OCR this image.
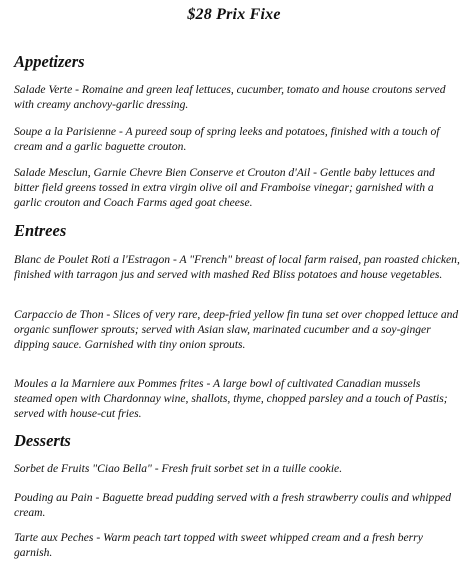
$28 Prix Fixe
Appetizers
Salade Verte - Romaine and green leaf lettuces, cucumber, tomato and house croutons served with creamy anchovy-garlic dressing.
Soupe a la Parisienne - A pureed soup of spring leeks and potatoes, finished with a touch of cream and a garlic baguette crouton.
Salade Mesclun, Garnie Chevre Bien Conserve et Crouton d'Ail - Gentle baby lettuces and bitter field greens tossed in extra virgin olive oil and Framboise vinegar; garnished with a garlic crouton and Coach Farms aged goat cheese.
Entrees
Blanc de Poulet Roti a l'Estragon - A "French" breast of local farm raised, pan roasted chicken, finished with tarragon jus and served with mashed Red Bliss potatoes and house vegetables.
Carpaccio de Thon - Slices of very rare, deep-fried yellow fin tuna set over chopped lettuce and organic sunflower sprouts; served with Asian slaw, marinated cucumber and a soy-ginger dipping sauce. Garnished with tiny onion sprouts.
Moules a la Marniere aux Pommes frites - A large bowl of cultivated Canadian mussels steamed open with Chardonnay wine, shallots, thyme, chopped parsley and a touch of Pastis; served with house-cut fries.
Desserts
Sorbet de Fruits "Ciao Bella" - Fresh fruit sorbet set in a tuille cookie.
Pouding au Pain - Baguette bread pudding served with a fresh strawberry coulis and whipped cream.
Tarte aux Peches - Warm peach tart topped with sweet whipped cream and a fresh berry garnish.
